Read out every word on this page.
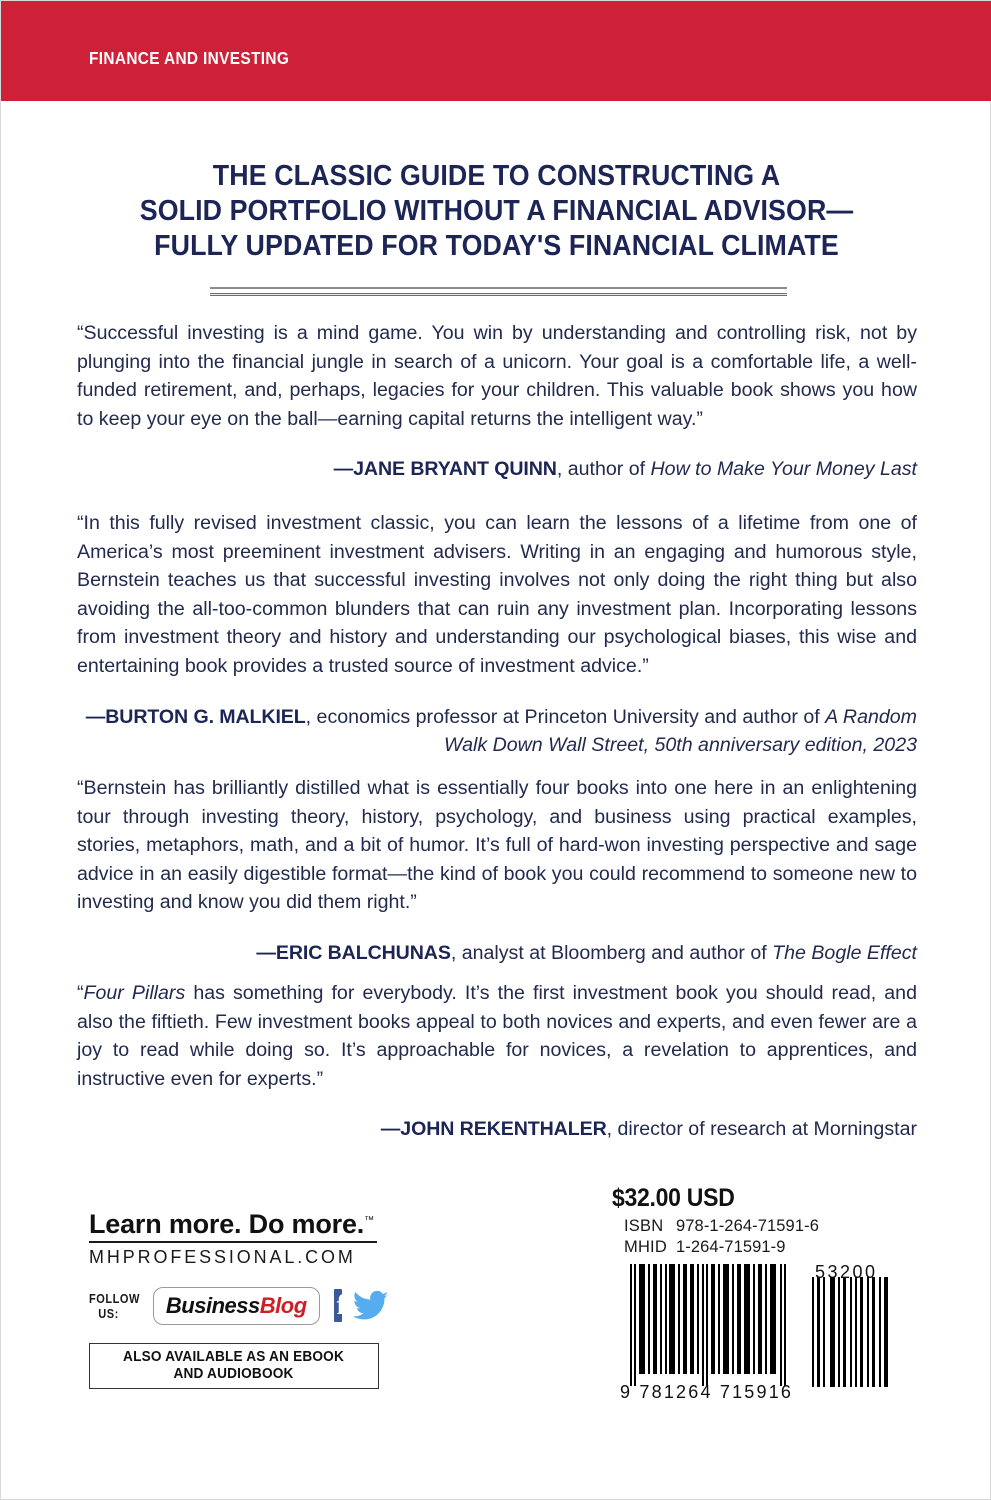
FINANCE AND INVESTING
THE CLASSIC GUIDE TO CONSTRUCTING A
SOLID PORTFOLIO WITHOUT A FINANCIAL ADVISOR—
FULLY UPDATED FOR TODAY'S FINANCIAL CLIMATE
“Successful investing is a mind game. You win by understanding and controlling risk, not by plunging into the financial jungle in search of a unicorn. Your goal is a comfortable life, a well-funded retirement, and, perhaps, legacies for your children. This valuable book shows you how to keep your eye on the ball—earning capital returns the intelligent way.”
—JANE BRYANT QUINN, author of How to Make Your Money Last
“In this fully revised investment classic, you can learn the lessons of a lifetime from one of America’s most preeminent investment advisers. Writing in an engaging and humorous style, Bernstein teaches us that successful investing involves not only doing the right thing but also avoiding the all-too-common blunders that can ruin any investment plan. Incorporating lessons from investment theory and history and understanding our psychological biases, this wise and entertaining book provides a trusted source of investment advice.”
—BURTON G. MALKIEL, economics professor at Princeton University and author of A Random Walk Down Wall Street, 50th anniversary edition, 2023
“Bernstein has brilliantly distilled what is essentially four books into one here in an enlightening tour through investing theory, history, psychology, and business using practical examples, stories, metaphors, math, and a bit of humor. It’s full of hard-won investing perspective and sage advice in an easily digestible format—the kind of book you could recommend to someone new to investing and know you did them right.”
—ERIC BALCHUNAS, analyst at Bloomberg and author of The Bogle Effect
“Four Pillars has something for everybody. It’s the first investment book you should read, and also the fiftieth. Few investment books appeal to both novices and experts, and even fewer are a joy to read while doing so. It’s approachable for novices, a revelation to apprentices, and instructive even for experts.”
—JOHN REKENTHALER, director of research at Morningstar
Learn more. Do more.™
MHPROFESSIONAL.COM
FOLLOW
US:	BusinessBlog
f
ALSO AVAILABLE AS AN EBOOK
AND AUDIOBOOK
$32.00 USD
ISBN 978-1-264-71591-6
MHID 1-264-71591-9
9 781264 715916
53200
